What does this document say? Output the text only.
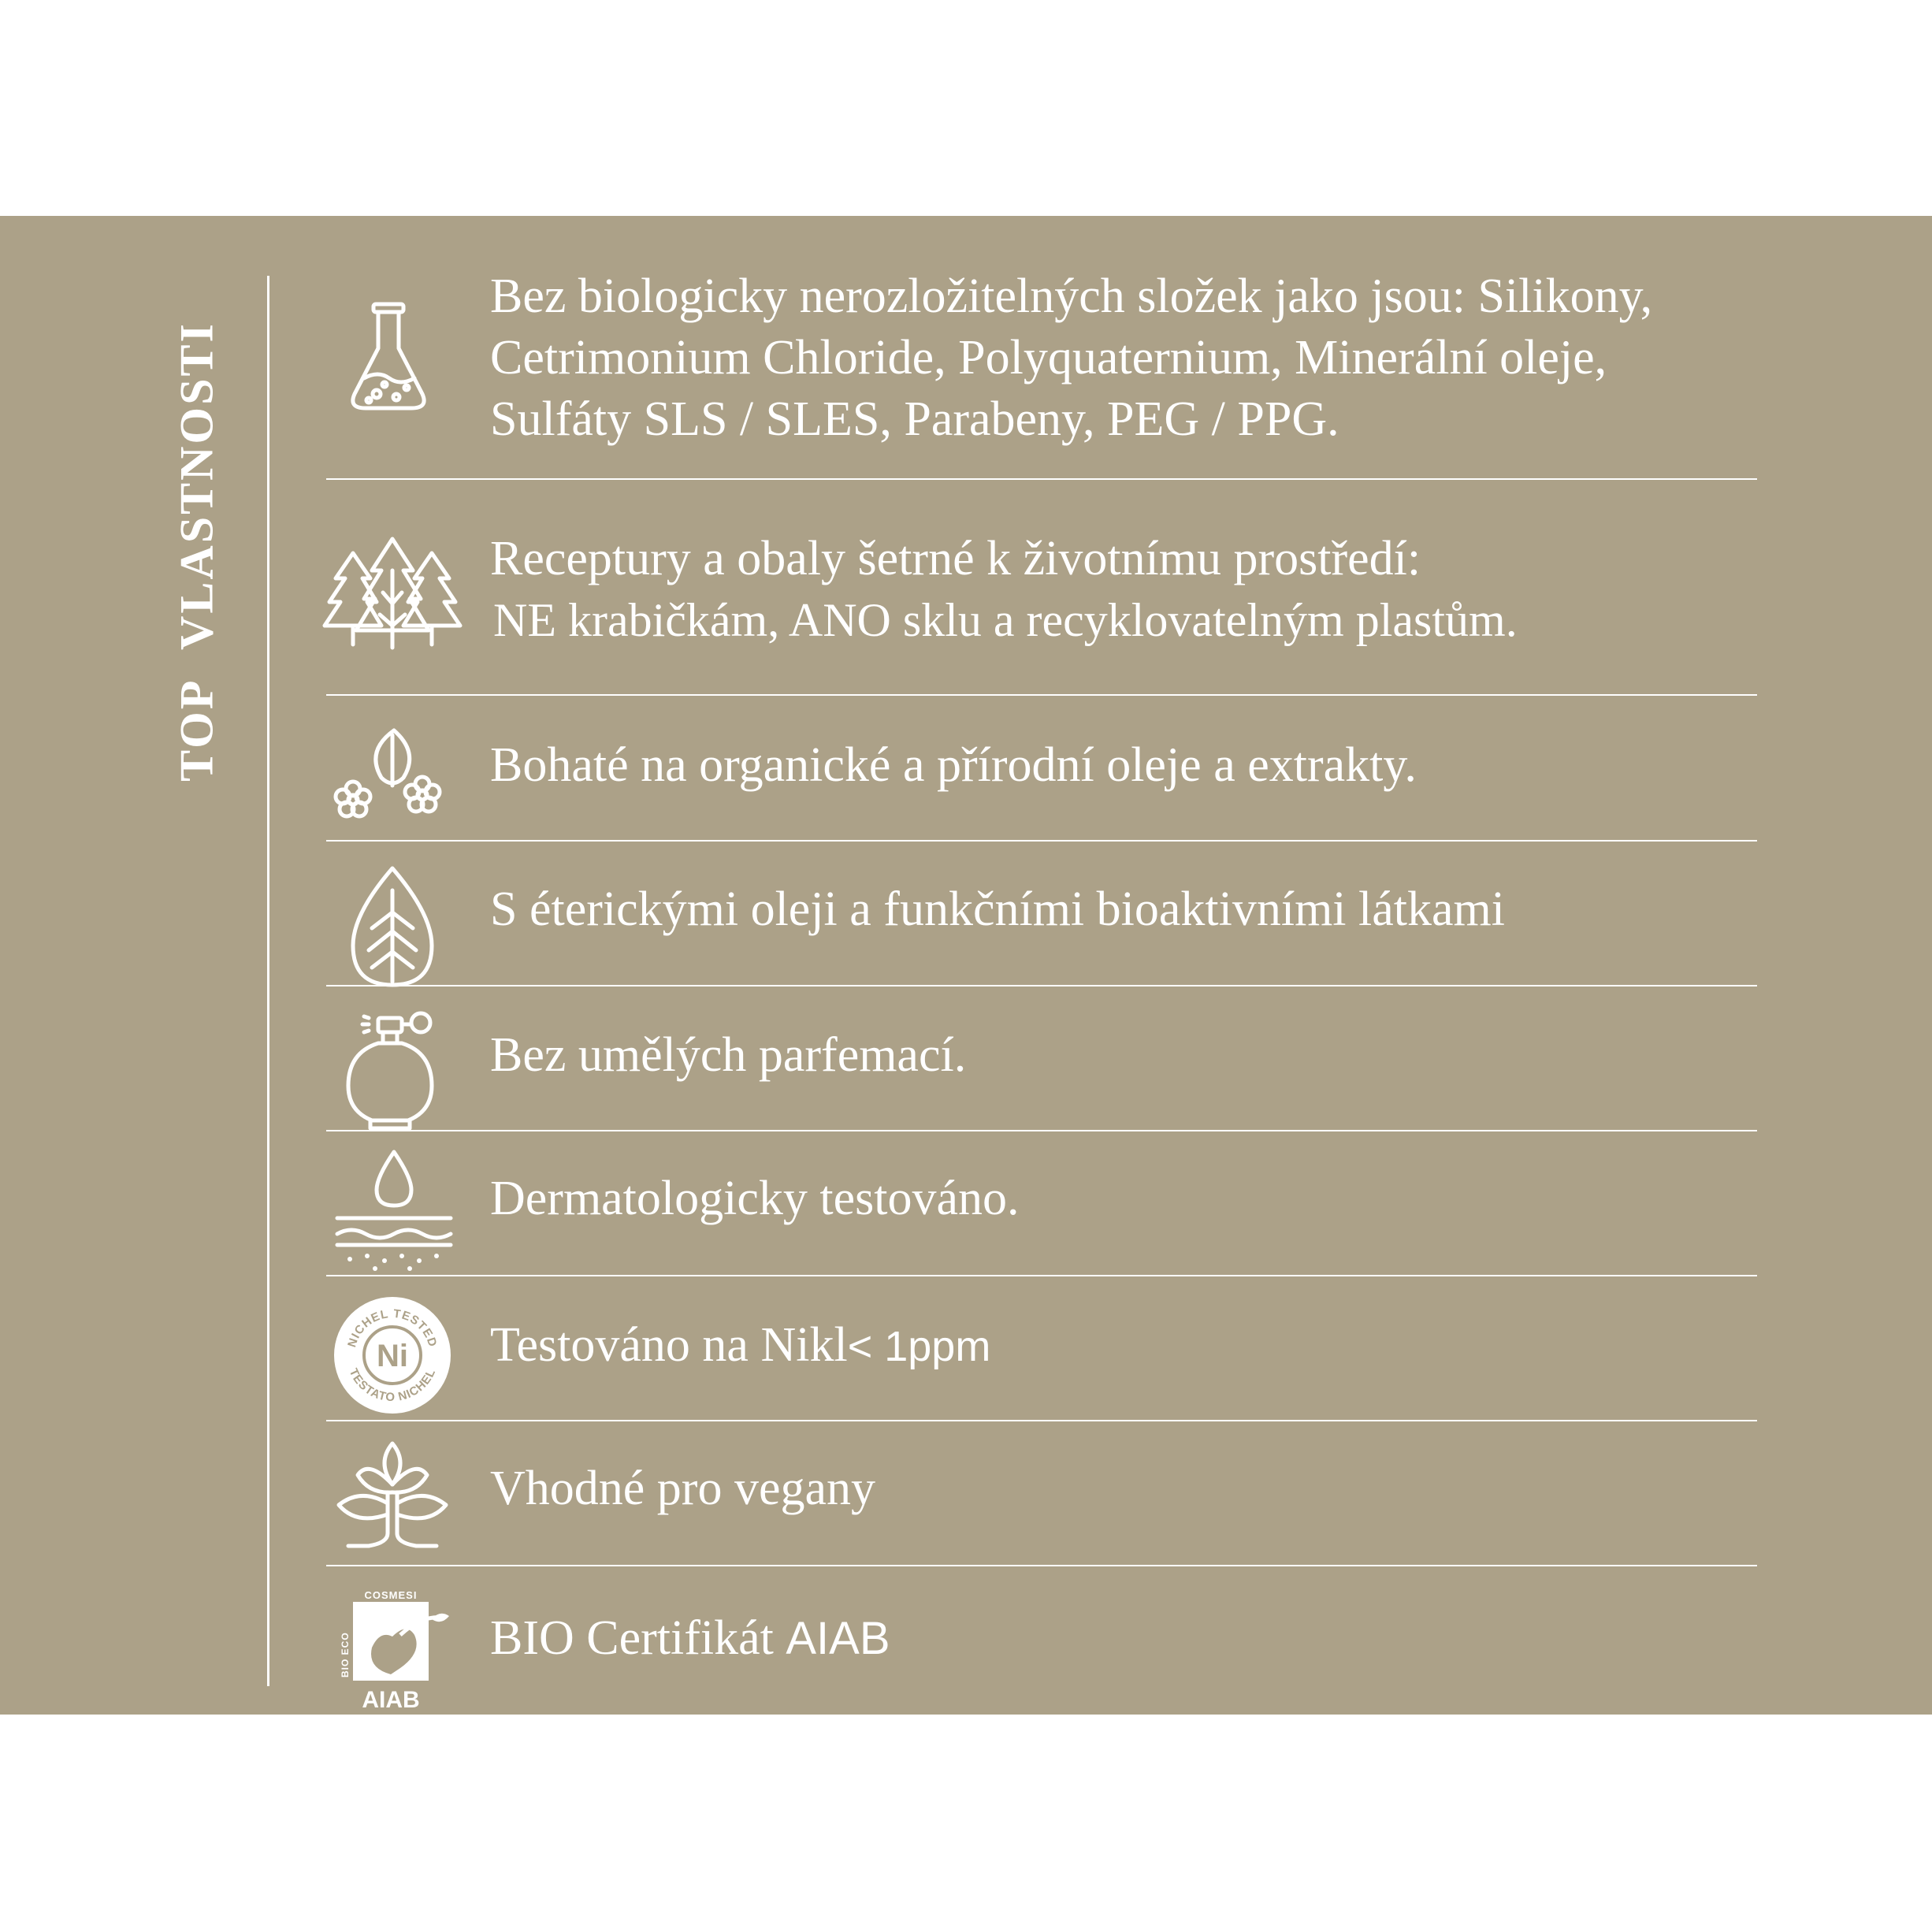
TOP VLASTNOSTI
Bez biologicky nerozložitelných složek jako jsou: Silikony,
Cetrimonium Chloride, Polyquaternium, Minerální oleje,
Sulfáty SLS / SLES, Parabeny, PEG / PPG.
Receptury a obaly šetrné k životnímu prostředí:
NE krabičkám, ANO sklu a recyklovatelným plastům.
Bohaté na organické a přírodní oleje a extrakty.
S éterickými oleji a funkčními bioaktivními látkami
Bez umělých parfemací.
Dermatologicky testováno.
NICHEL TESTED
TESTATO NICHEL
Ni Testováno na Nikl< 1ppm
Vhodné pro vegany
COSMESI
BIO ECO
AIAB
BIO Certifikát AIAB
